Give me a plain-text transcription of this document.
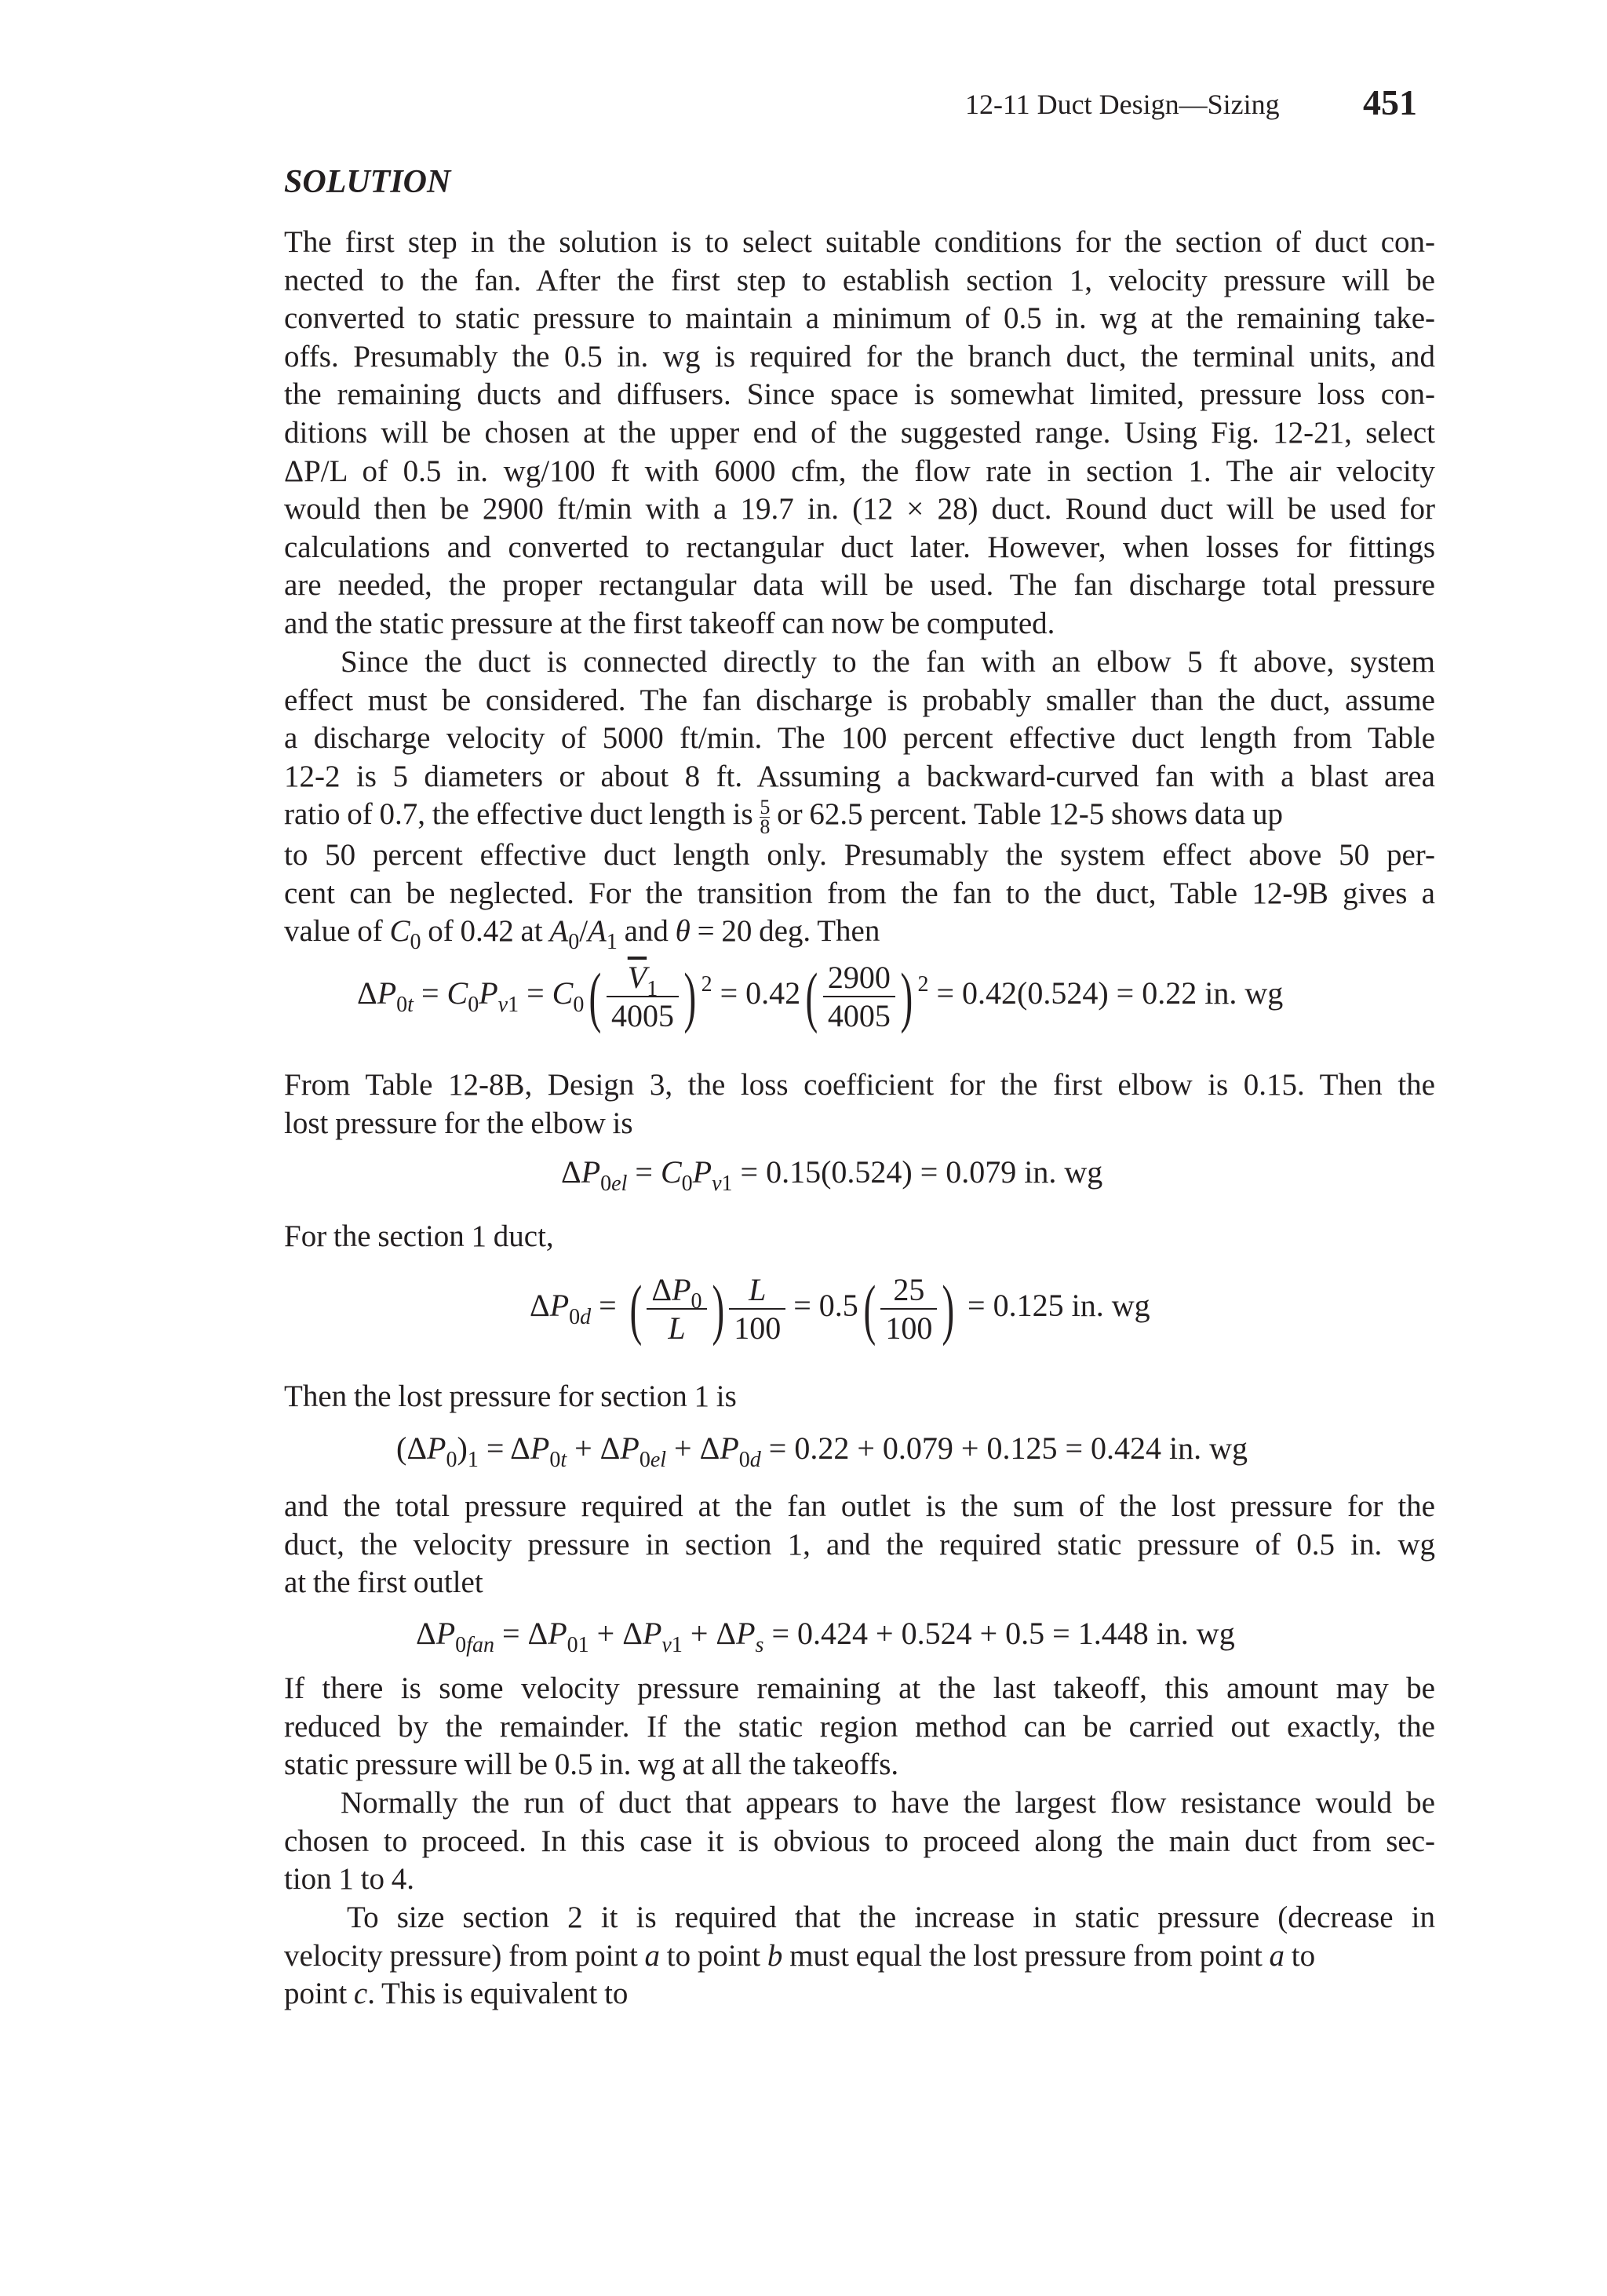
12-11 Duct Design—Sizing 451
SOLUTION
The first step in the solution is to select suitable conditions for the section of duct con-
nected to the fan. After the first step to establish section 1, velocity pressure will be
converted to static pressure to maintain a minimum of 0.5 in. wg at the remaining take-
offs. Presumably the 0.5 in. wg is required for the branch duct, the terminal units, and
the remaining ducts and diffusers. Since space is somewhat limited, pressure loss con-
ditions will be chosen at the upper end of the suggested range. Using Fig. 12-21, select
ΔP/L of 0.5 in. wg/100 ft with 6000 cfm, the flow rate in section 1. The air velocity
would then be 2900 ft/min with a 19.7 in. (12 × 28) duct. Round duct will be used for
calculations and converted to rectangular duct later. However, when losses for fittings
are needed, the proper rectangular data will be used. The fan discharge total pressure
and the static pressure at the first takeoff can now be computed.
Since the duct is connected directly to the fan with an elbow 5 ft above, system
effect must be considered. The fan discharge is probably smaller than the duct, assume
a discharge velocity of 5000 ft/min. The 100 percent effective duct length from Table
12-2 is 5 diameters or about 8 ft. Assuming a backward-curved fan with a blast area
ratio of 0.7, the effective duct length is $\frac{5}{8}$ or 62.5 percent. Table 12-5 shows data up
to 50 percent effective duct length only. Presumably the system effect above 50 per-
cent can be neglected. For the transition from the fan to the duct, Table 12-9B gives a
value of $C_0$ of 0.42 at $A_0/A_1$ and θ = 20 deg. Then
$\Delta P_{0t} = C_0P_{v1} = C_0( \frac{\overline{V}_1}{4005}$ ) $^2 = 0.42( \frac{2900}{4005}$ ) $^2$ = 0.42(0.524) = 0.22 in. wg
From Table 12-8B, Design 3, the loss coefficient for the first elbow is 0.15. Then the
lost pressure for the elbow is
$\Delta P_{0el} = C_0P_{v1} = 0.15(0.524) = 0.079$ in. wg
For the section 1 duct,
$\Delta P_{0d}$ = ( $\frac{\Delta P_0}{L}$ ) $\frac{L}{100} = 0.5( \frac{25}{100}$ ) = 0.125 in. wg
Then the lost pressure for section 1 is
$(\Delta P_0)_1 = \Delta P_{0t} + \Delta P_{0el} + \Delta P_{0d} = 0.22 + 0.079 + 0.125 = 0.424$ in. wg
and the total pressure required at the fan outlet is the sum of the lost pressure for the
duct, the velocity pressure in section 1, and the required static pressure of 0.5 in. wg
at the first outlet
$\Delta P_{0fan} = \Delta P_{01} + \Delta P_{v1} + \Delta P_s = 0.424 + 0.524 + 0.5 = 1.448$ in. wg
If there is some velocity pressure remaining at the last takeoff, this amount may be
reduced by the remainder. If the static region method can be carried out exactly, the
static pressure will be 0.5 in. wg at all the takeoffs.
Normally the run of duct that appears to have the largest flow resistance would be
chosen to proceed. In this case it is obvious to proceed along the main duct from sec-
tion 1 to 4.
To size section 2 it is required that the increase in static pressure (decrease in
velocity pressure) from point a to point b must equal the lost pressure from point a to
point c. This is equivalent to
